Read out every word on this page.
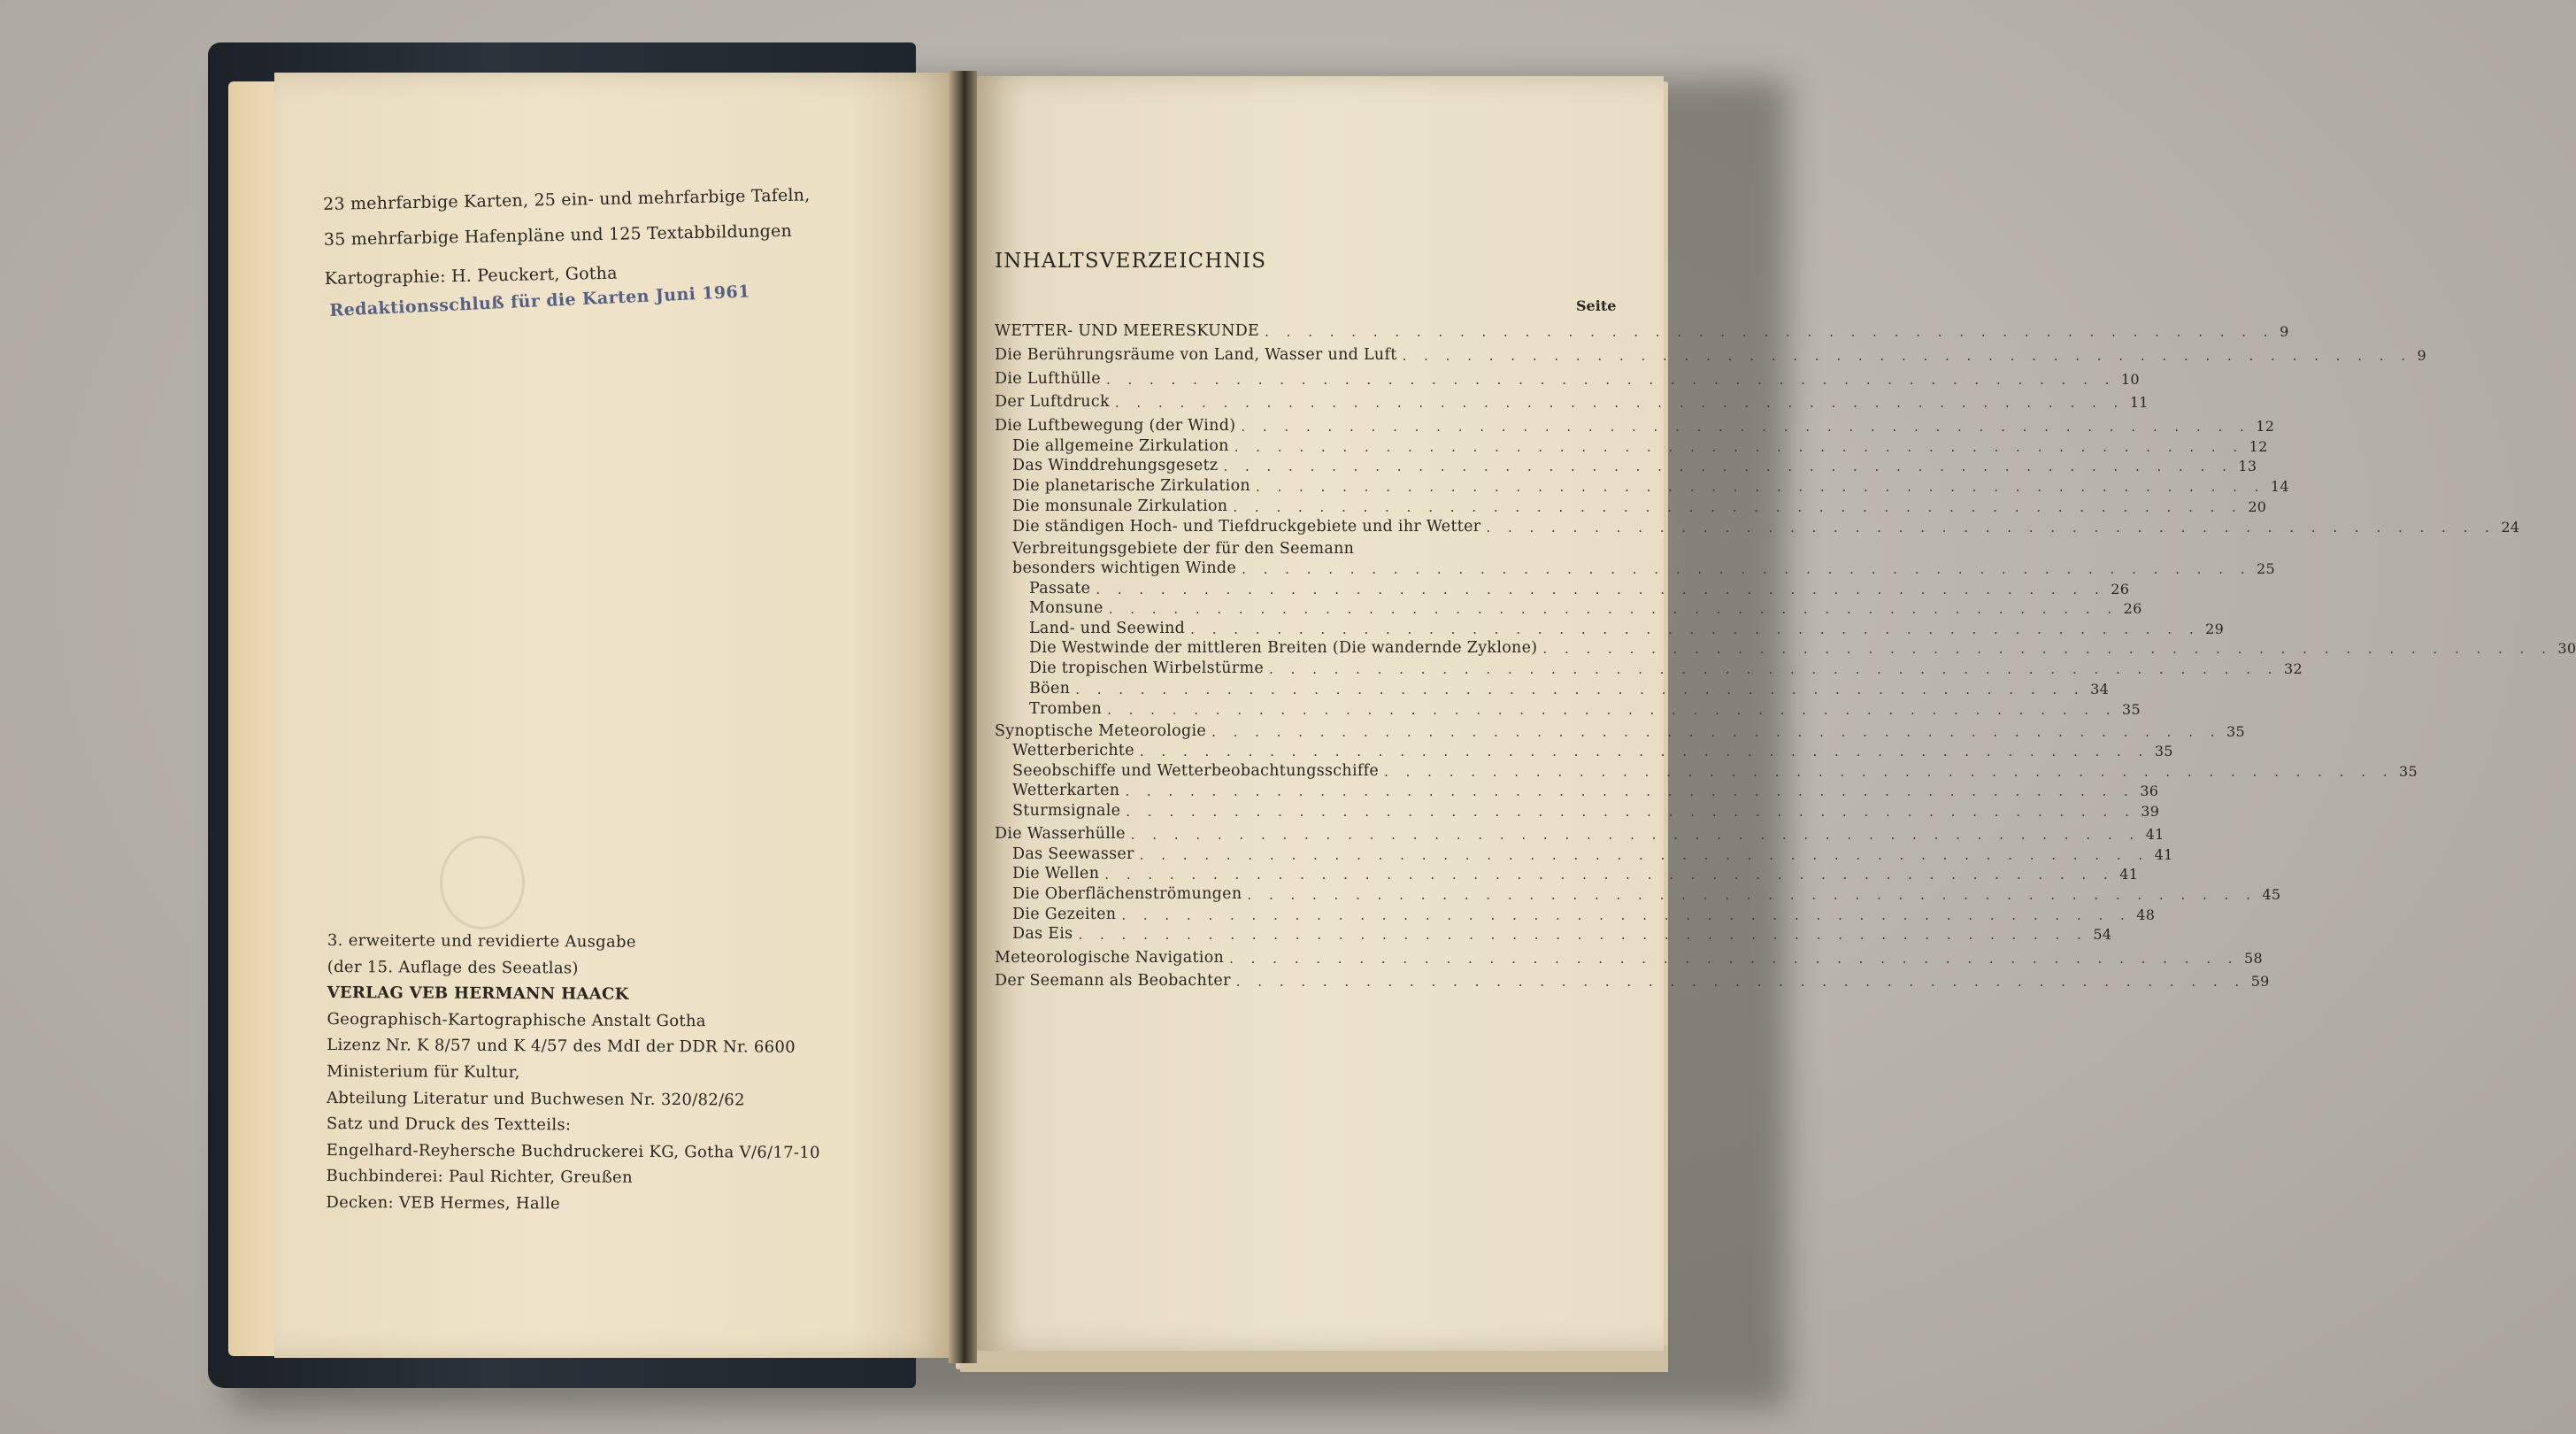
23 mehrfarbige Karten, 25 ein- und mehrfarbige Tafeln,
35 mehrfarbige Hafenpläne und 125 Textabbildungen
Kartographie: H. Peuckert, Gotha
Redaktionsschluß für die Karten Juni 1961
3. erweiterte und revidierte Ausgabe
(der 15. Auflage des Seeatlas)
VERLAG VEB HERMANN HAACK
Geographisch-Kartographische Anstalt Gotha
Lizenz Nr. K 8/57 und K 4/57 des MdI der DDR Nr. 6600
Ministerium für Kultur,
Abteilung Literatur und Buchwesen Nr. 320/82/62
Satz und Druck des Textteils:
Engelhard-Reyhersche Buchdruckerei KG, Gotha V/6/17-10
Buchbinderei: Paul Richter, Greußen
Decken: VEB Hermes, Halle
INHALTSVERZEICHNIS
Seite
WETTER- UND MEERESKUNDE . . . . . . . . . . . . . . . . . . . . . . . . . . . . . . . . . . . . . . . . . . . . . . . 9
Die Berührungsräume von Land, Wasser und Luft . . . . . . . . . . . . . . . . . . . . . . . . . . . . . . . . . . . . . . . . . . . . . . . 9
Die Lufthülle . . . . . . . . . . . . . . . . . . . . . . . . . . . . . . . . . . . . . . . . . . . . . . . 10
Der Luftdruck . . . . . . . . . . . . . . . . . . . . . . . . . . . . . . . . . . . . . . . . . . . . . . . 11
Die Luftbewegung (der Wind) . . . . . . . . . . . . . . . . . . . . . . . . . . . . . . . . . . . . . . . . . . . . . . . 12
Die allgemeine Zirkulation . . . . . . . . . . . . . . . . . . . . . . . . . . . . . . . . . . . . . . . . . . . . . . . 12
Das Winddrehungsgesetz . . . . . . . . . . . . . . . . . . . . . . . . . . . . . . . . . . . . . . . . . . . . . . . 13
Die planetarische Zirkulation . . . . . . . . . . . . . . . . . . . . . . . . . . . . . . . . . . . . . . . . . . . . . . . 14
Die monsunale Zirkulation . . . . . . . . . . . . . . . . . . . . . . . . . . . . . . . . . . . . . . . . . . . . . . . 20
Die ständigen Hoch- und Tiefdruckgebiete und ihr Wetter . . . . . . . . . . . . . . . . . . . . . . . . . . . . . . . . . . . . . . . . . . . . . . . 24
Verbreitungsgebiete der für den Seemann
besonders wichtigen Winde . . . . . . . . . . . . . . . . . . . . . . . . . . . . . . . . . . . . . . . . . . . . . . . 25
Passate . . . . . . . . . . . . . . . . . . . . . . . . . . . . . . . . . . . . . . . . . . . . . . . 26
Monsune . . . . . . . . . . . . . . . . . . . . . . . . . . . . . . . . . . . . . . . . . . . . . . . 26
Land- und Seewind . . . . . . . . . . . . . . . . . . . . . . . . . . . . . . . . . . . . . . . . . . . . . . . 29
Die Westwinde der mittleren Breiten (Die wandernde Zyklone) . . . . . . . . . . . . . . . . . . . . . . . . . . . . . . . . . . . . . . . . . . . . . . . 30
Die tropischen Wirbelstürme . . . . . . . . . . . . . . . . . . . . . . . . . . . . . . . . . . . . . . . . . . . . . . . 32
Böen . . . . . . . . . . . . . . . . . . . . . . . . . . . . . . . . . . . . . . . . . . . . . . . 34
Tromben . . . . . . . . . . . . . . . . . . . . . . . . . . . . . . . . . . . . . . . . . . . . . . . 35
Synoptische Meteorologie . . . . . . . . . . . . . . . . . . . . . . . . . . . . . . . . . . . . . . . . . . . . . . . 35
Wetterberichte . . . . . . . . . . . . . . . . . . . . . . . . . . . . . . . . . . . . . . . . . . . . . . . 35
Seeobschiffe und Wetterbeobachtungsschiffe . . . . . . . . . . . . . . . . . . . . . . . . . . . . . . . . . . . . . . . . . . . . . . . 35
Wetterkarten . . . . . . . . . . . . . . . . . . . . . . . . . . . . . . . . . . . . . . . . . . . . . . . 36
Sturmsignale . . . . . . . . . . . . . . . . . . . . . . . . . . . . . . . . . . . . . . . . . . . . . . . 39
Die Wasserhülle . . . . . . . . . . . . . . . . . . . . . . . . . . . . . . . . . . . . . . . . . . . . . . . 41
Das Seewasser . . . . . . . . . . . . . . . . . . . . . . . . . . . . . . . . . . . . . . . . . . . . . . . 41
Die Wellen . . . . . . . . . . . . . . . . . . . . . . . . . . . . . . . . . . . . . . . . . . . . . . . 41
Die Oberflächenströmungen . . . . . . . . . . . . . . . . . . . . . . . . . . . . . . . . . . . . . . . . . . . . . . . 45
Die Gezeiten . . . . . . . . . . . . . . . . . . . . . . . . . . . . . . . . . . . . . . . . . . . . . . . 48
Das Eis . . . . . . . . . . . . . . . . . . . . . . . . . . . . . . . . . . . . . . . . . . . . . . . 54
Meteorologische Navigation . . . . . . . . . . . . . . . . . . . . . . . . . . . . . . . . . . . . . . . . . . . . . . . 58
Der Seemann als Beobachter . . . . . . . . . . . . . . . . . . . . . . . . . . . . . . . . . . . . . . . . . . . . . . . 59
